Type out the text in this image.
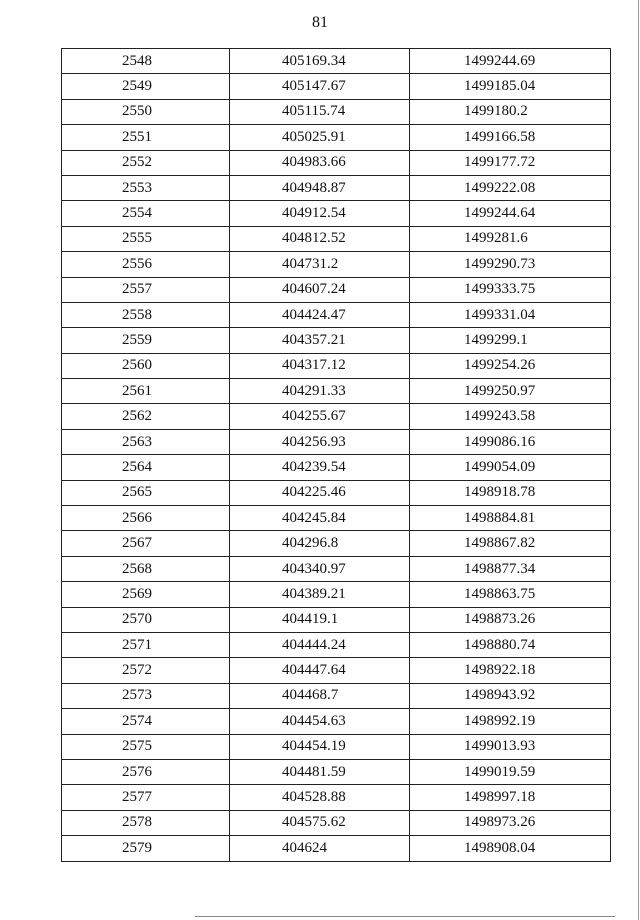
81
2548	405169.34	1499244.69
2549	405147.67	1499185.04
2550	405115.74	1499180.2
2551	405025.91	1499166.58
2552	404983.66	1499177.72
2553	404948.87	1499222.08
2554	404912.54	1499244.64
2555	404812.52	1499281.6
2556	404731.2	1499290.73
2557	404607.24	1499333.75
2558	404424.47	1499331.04
2559	404357.21	1499299.1
2560	404317.12	1499254.26
2561	404291.33	1499250.97
2562	404255.67	1499243.58
2563	404256.93	1499086.16
2564	404239.54	1499054.09
2565	404225.46	1498918.78
2566	404245.84	1498884.81
2567	404296.8	1498867.82
2568	404340.97	1498877.34
2569	404389.21	1498863.75
2570	404419.1	1498873.26
2571	404444.24	1498880.74
2572	404447.64	1498922.18
2573	404468.7	1498943.92
2574	404454.63	1498992.19
2575	404454.19	1499013.93
2576	404481.59	1499019.59
2577	404528.88	1498997.18
2578	404575.62	1498973.26
2579	404624	1498908.04
